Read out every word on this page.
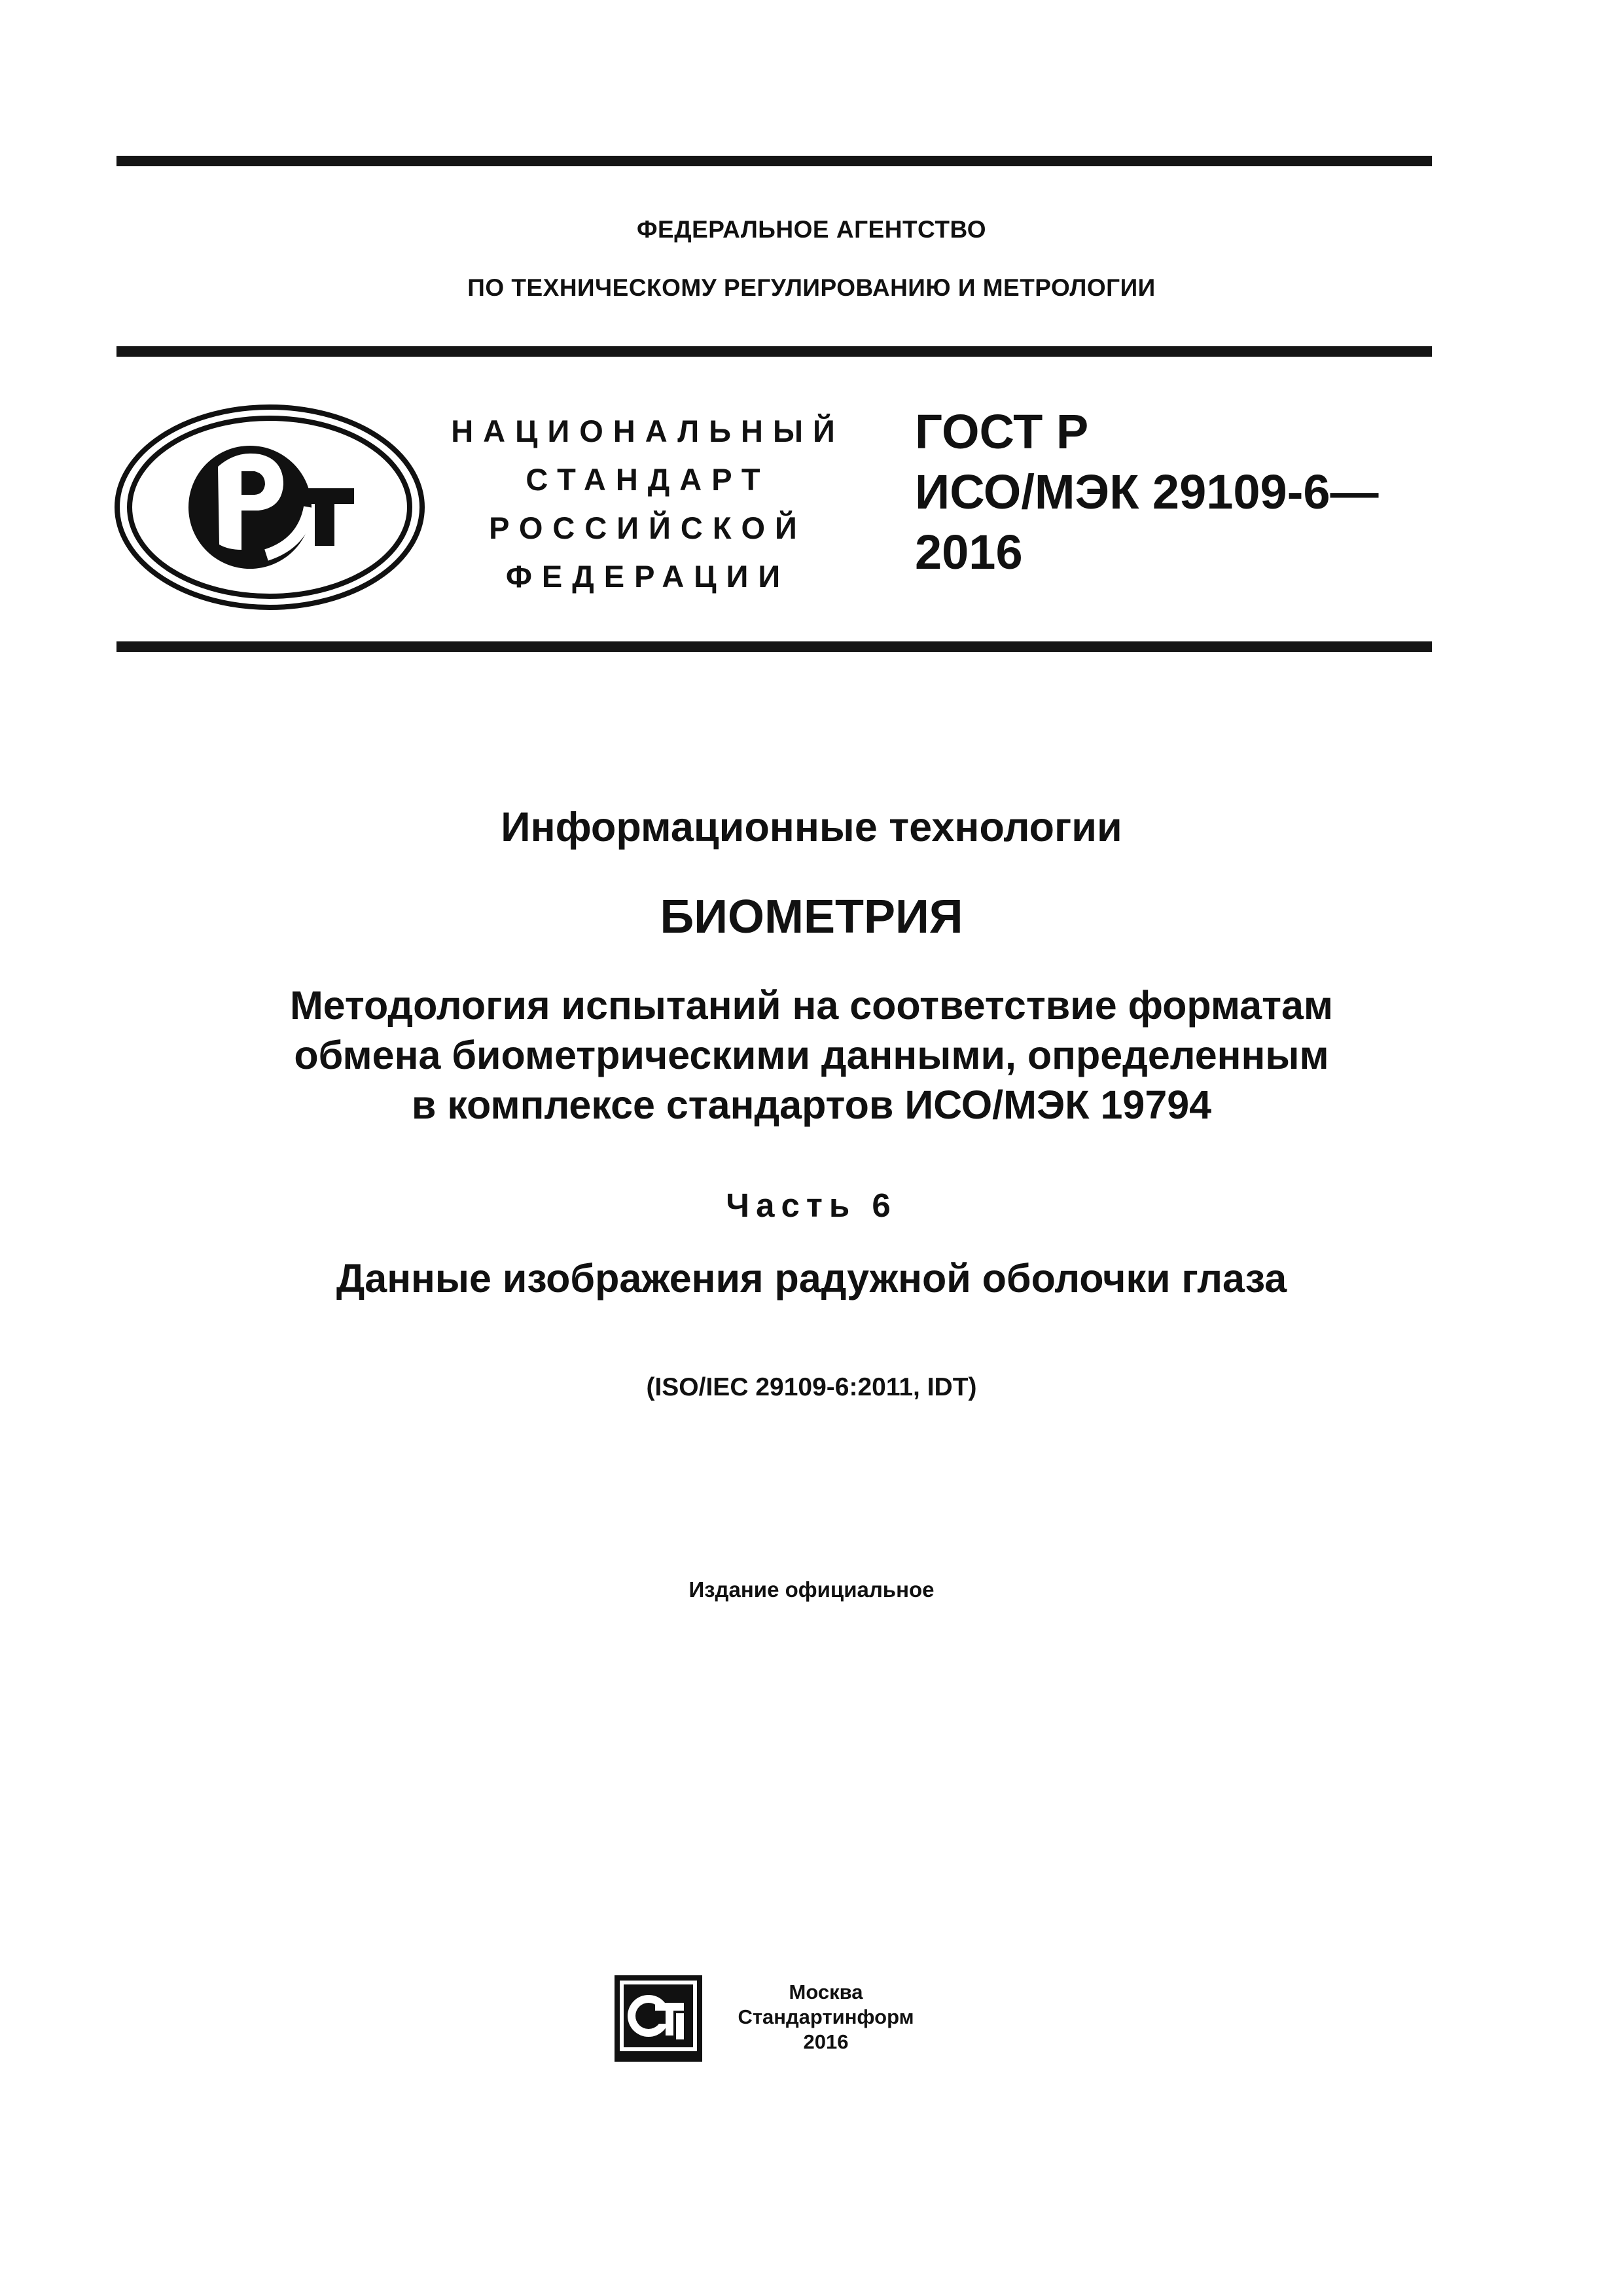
ФЕДЕРАЛЬНОЕ АГЕНТСТВО
ПО ТЕХНИЧЕСКОМУ РЕГУЛИРОВАНИЮ И МЕТРОЛОГИИ
НАЦИОНАЛЬНЫЙ
СТАНДАРТ
РОССИЙСКОЙ
ФЕДЕРАЦИИ
ГОСТ Р
ИСО/МЭК 29109-6—
2016
Информационные технологии
БИОМЕТРИЯ
Методология испытаний на соответствие форматам
обмена биометрическими данными, определенным
в комплексе стандартов ИСО/МЭК 19794
Часть 6
Данные изображения радужной оболочки глаза
(ISO/IEC 29109-6:2011, IDT)
Издание официальное
Москва
Стандартинформ
2016
